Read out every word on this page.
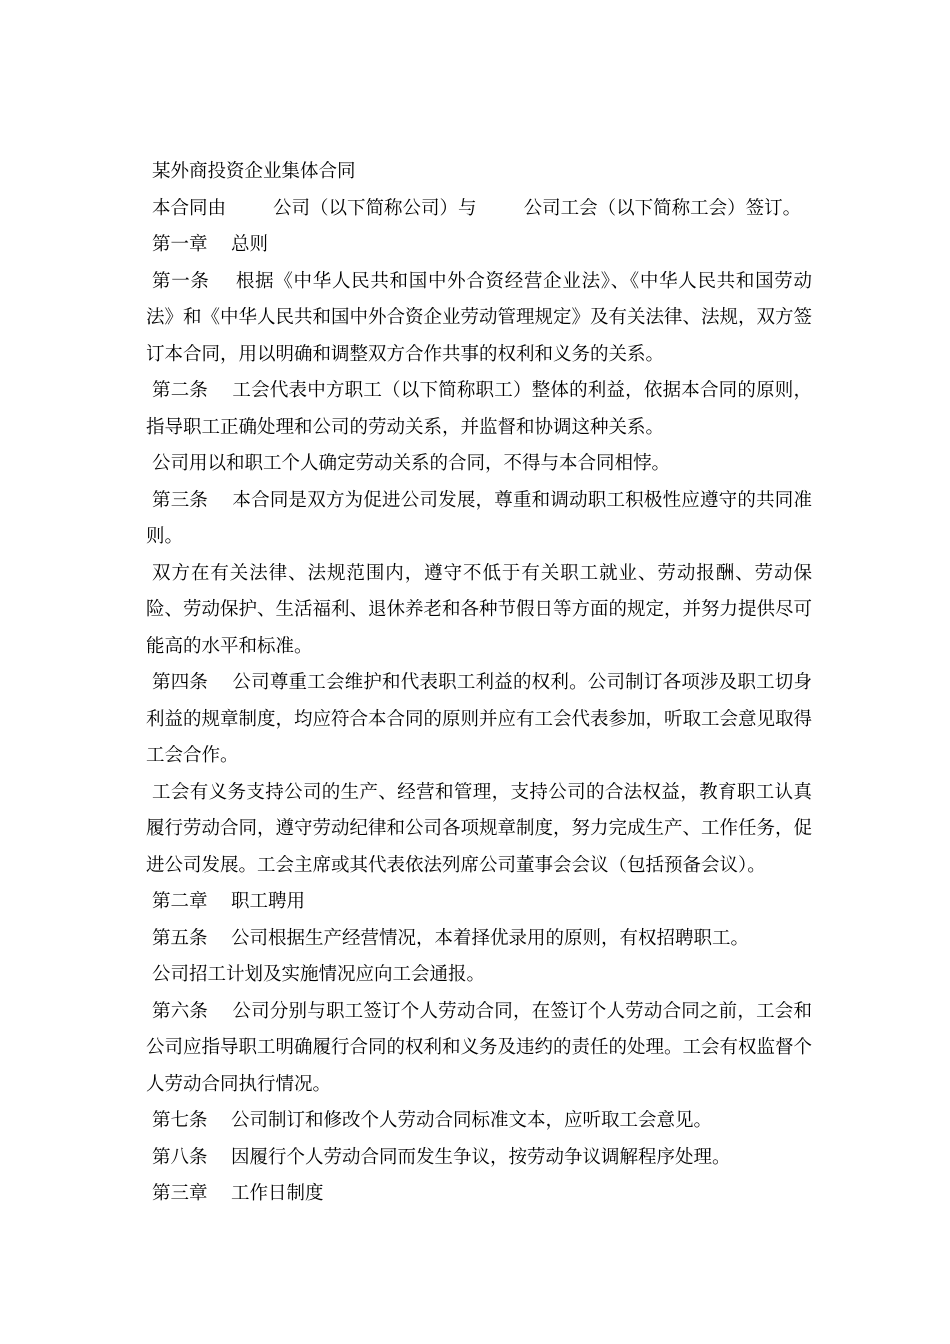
某外商投资企业集体合同

本合同由        公司（以下简称公司）与        公司工会（以下简称工会）签订。

第一章    总则

第一条    根据《中华人民共和国中外合资经营企业法》、《中华人民共和国劳动法》和《中华人民共和国中外合资企业劳动管理规定》及有关法律、法规，双方签订本合同，用以明确和调整双方合作共事的权利和义务的关系。

第二条    工会代表中方职工（以下简称职工）整体的利益，依据本合同的原则，指导职工正确处理和公司的劳动关系，并监督和协调这种关系。

公司用以和职工个人确定劳动关系的合同，不得与本合同相悖。

第三条    本合同是双方为促进公司发展，尊重和调动职工积极性应遵守的共同准则。

双方在有关法律、法规范围内，遵守不低于有关职工就业、劳动报酬、劳动保险、劳动保护、生活福利、退休养老和各种节假日等方面的规定，并努力提供尽可能高的水平和标准。

第四条    公司尊重工会维护和代表职工利益的权利。公司制订各项涉及职工切身利益的规章制度，均应符合本合同的原则并应有工会代表参加，听取工会意见取得工会合作。

工会有义务支持公司的生产、经营和管理，支持公司的合法权益，教育职工认真履行劳动合同，遵守劳动纪律和公司各项规章制度，努力完成生产、工作任务，促进公司发展。工会主席或其代表依法列席公司董事会会议（包括预备会议）。

第二章    职工聘用

第五条    公司根据生产经营情况，本着择优录用的原则，有权招聘职工。

公司招工计划及实施情况应向工会通报。

第六条    公司分别与职工签订个人劳动合同，在签订个人劳动合同之前，工会和公司应指导职工明确履行合同的权利和义务及违约的责任的处理。工会有权监督个人劳动合同执行情况。

第七条    公司制订和修改个人劳动合同标准文本，应听取工会意见。

第八条    因履行个人劳动合同而发生争议，按劳动争议调解程序处理。

第三章    工作日制度
